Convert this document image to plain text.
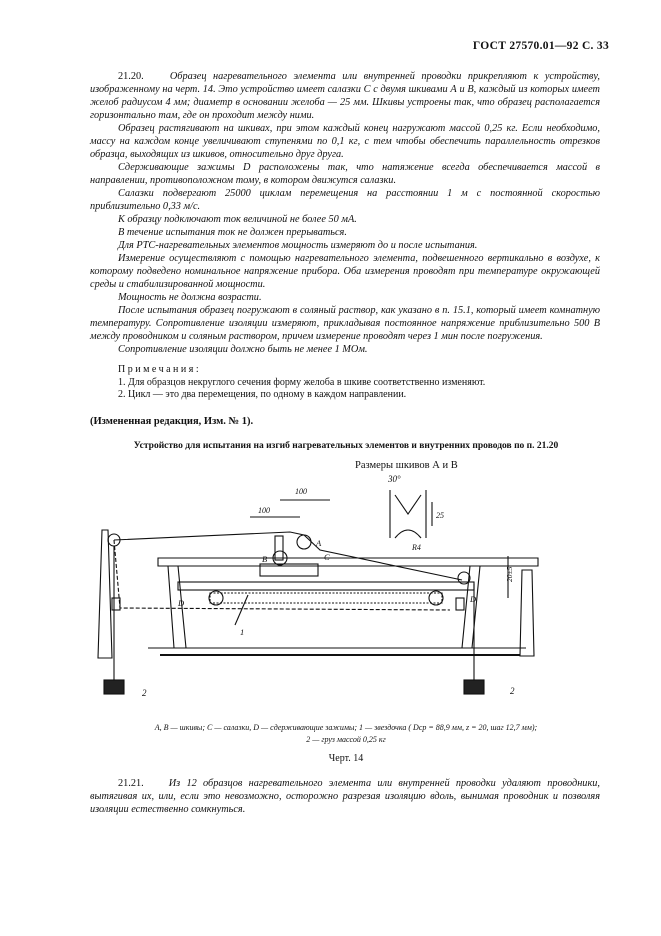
ГОСТ 27570.01—92 С. 33

21.20.	Образец нагревательного элемента или внутренней проводки прикрепляют к устройству, изображенному на черт. 14. Это устройство имеет салазки С с двумя шкивами А и В, каждый из которых имеет желоб радиусом 4 мм; диаметр в основании желоба — 25 мм. Шкивы устроены так, что образец располагается горизонтально там, где он проходит между ними.

Образец растягивают на шкивах, при этом каждый конец нагружают массой 0,25 кг. Если необходимо, массу на каждом конце увеличивают ступенями по 0,1 кг, с тем чтобы обеспечить параллельность отрезков образца, выходящих из шкивов, относительно друг друга.

Сдерживающие зажимы D расположены так, что натяжение всегда обеспечивается массой в направлении, противоположном тому, в котором движутся салазки.

Салазки подвергают 25000 циклам перемещения на расстоянии 1 м с постоянной скоростью приблизительно 0,33 м/с.

К образцу подключают ток величиной не более 50 мА.

В течение испытания ток не должен прерываться.

Для РТС-нагревательных элементов мощность измеряют до и после испытания.

Измерение осуществляют с помощью нагревательного элемента, подвешенного вертикально в воздухе, к которому подведено номинальное напряжение прибора. Оба измерения проводят при температуре окружающей среды и стабилизированной мощности.

Мощность не должна возрасти.

После испытания образец погружают в соляный раствор, как указано в п. 15.1, который имеет комнатную температуру. Сопротивление изоляции измеряют, прикладывая постоянное напряжение приблизительно 500 В между проводником и соляным раствором, причем измерение проводят через 1 мин после погружения.

Сопротивление изоляции должно быть не менее 1 МОм.

Примечания:
1. Для образцов некруглого сечения форму желоба в шкиве соответственно изменяют.
2. Цикл — это два перемещения, по одному в каждом направлении.
(Измененная редакция, Изм. № 1).
Устройство для испытания на изгиб нагревательных элементов и внутренних проводов по п. 21.20
Размеры шкивов А и В
100
100
30°
25
R4
20±5
A
B	C
D	D
1
2	2
A, B — шкивы; C — салазки, D — сдерживающие зажимы; 1 — звездочка ( Dср = 88,9 мм, z = 20, шаг 12,7 мм);
2 — груз массой 0,25 кг
Черт. 14

21.21. Из 12 образцов нагревательного элемента или внутренней проводки удаляют проводники, вытягивая их, или, если это невозможно, осторожно разрезая изоляцию вдоль, вынимая проводник и позволяя изоляции естественно сомкнуться.
